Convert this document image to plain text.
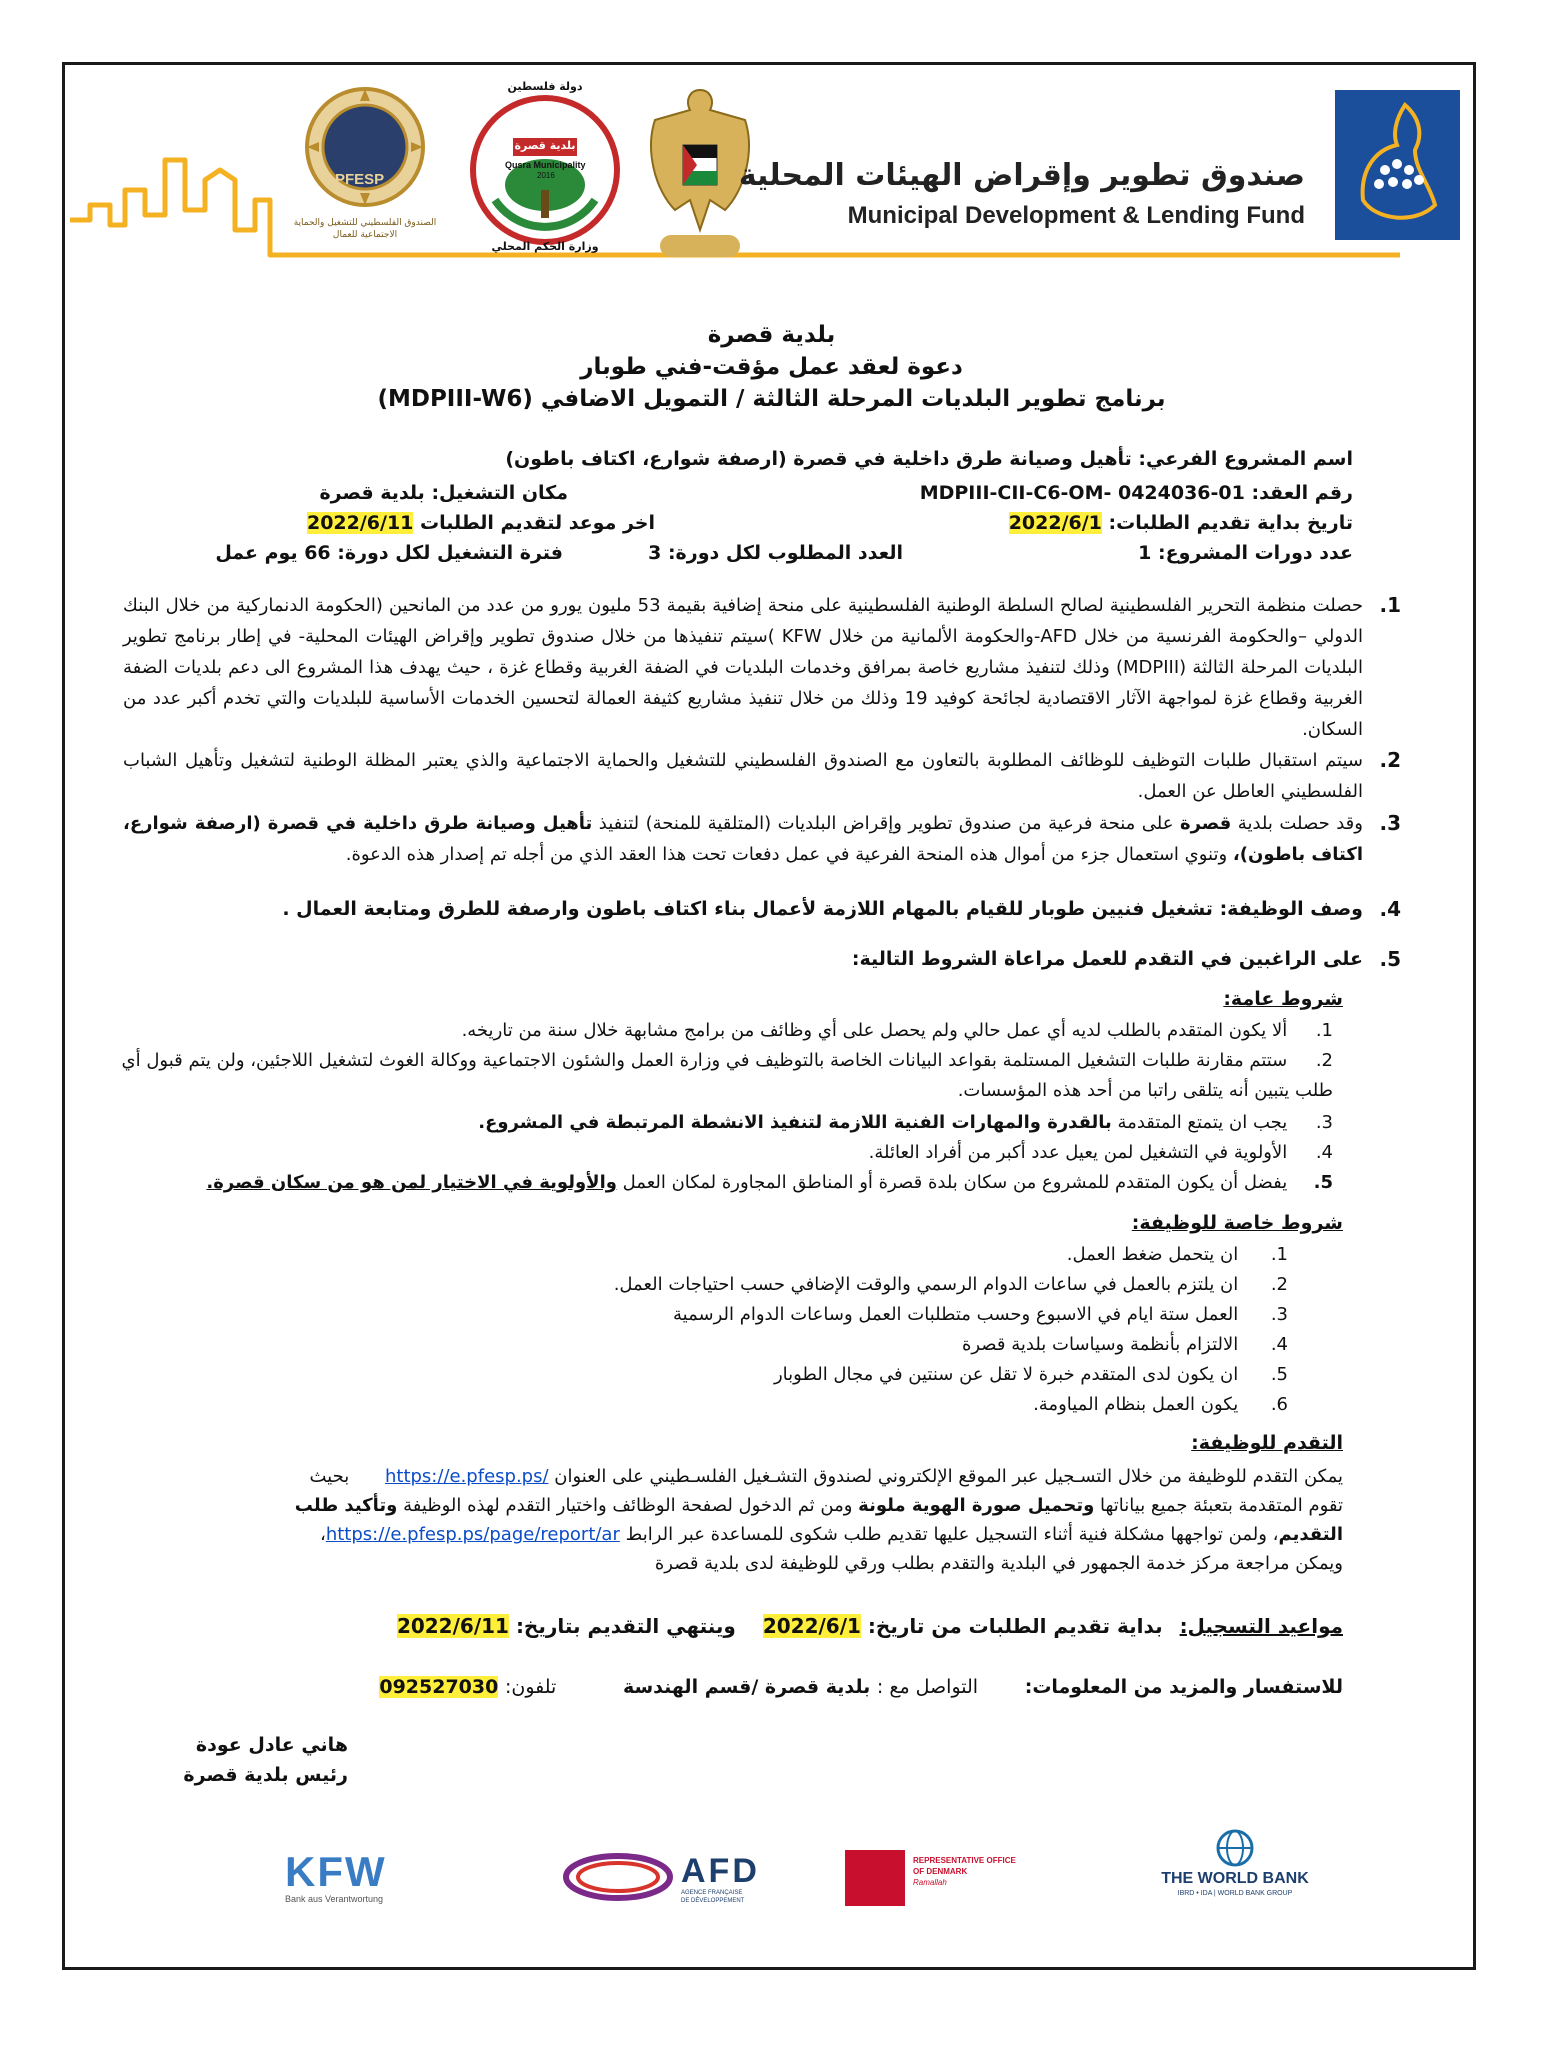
PFESP
الصندوق الفلسطيني للتشغيل والحماية الاجتماعية للعمال
بلدية قصرة
دولة فلسطين
Qusra Municipality
2016
وزارة الحكم المحلي
صندوق تطوير وإقراض الهيئات المحلية
Municipal Development & Lending Fund
بلدية قصرة
دعوة لعقد عمل مؤقت-فني طوبار
برنامج تطوير البلديات المرحلة الثالثة / التمويل الاضافي (MDPIII-W6)
اسم المشروع الفرعي: تأهيل وصيانة طرق داخلية في قصرة (ارصفة شوارع، اكتاف باطون)
رقم العقد: MDPIII-CII-C6-OM- 0424036-01
مكان التشغيل: بلدية قصرة
تاريخ بداية تقديم الطلبات: 2022/6/1
اخر موعد لتقديم الطلبات 2022/6/11
عدد دورات المشروع: 1
العدد المطلوب لكل دورة: 3
فترة التشغيل لكل دورة: 66 يوم عمل
1.
حصلت منظمة التحرير الفلسطينية لصالح السلطة الوطنية الفلسطينية على منحة إضافية بقيمة 53 مليون يورو من عدد من المانحين (الحكومة الدنماركية من خلال البنك الدولي –والحكومة الفرنسية من خلال AFD-والحكومة الألمانية من خلال KFW )سيتم تنفيذها من خلال صندوق تطوير وإقراض الهيئات المحلية- في إطار برنامج تطوير البلديات المرحلة الثالثة (MDPIII) وذلك لتنفيذ مشاريع خاصة بمرافق وخدمات البلديات في الضفة الغربية وقطاع غزة ، حيث يهدف هذا المشروع الى دعم بلديات الضفة الغربية وقطاع غزة لمواجهة الآثار الاقتصادية لجائحة كوفيد 19 وذلك من خلال تنفيذ مشاريع كثيفة العمالة لتحسين الخدمات الأساسية للبلديات والتي تخدم أكبر عدد من السكان.
2.
سيتم استقبال طلبات التوظيف للوظائف المطلوبة بالتعاون مع الصندوق الفلسطيني للتشغيل والحماية الاجتماعية والذي يعتبر المظلة الوطنية لتشغيل وتأهيل الشباب الفلسطيني العاطل عن العمل.
3.
وقد حصلت بلدية قصرة على منحة فرعية من صندوق تطوير وإقراض البلديات (المتلقية للمنحة) لتنفيذ تأهيل وصيانة طرق داخلية في قصرة (ارصفة شوارع، اكتاف باطون)، وتنوي استعمال جزء من أموال هذه المنحة الفرعية في عمل دفعات تحت هذا العقد الذي من أجله تم إصدار هذه الدعوة.
4.
وصف الوظيفة: تشغيل فنيين طوبار للقيام بالمهام اللازمة لأعمال بناء اكتاف باطون وارصفة للطرق ومتابعة العمال .
5.
على الراغبين في التقدم للعمل مراعاة الشروط التالية:
شروط عامة:
1. ألا يكون المتقدم بالطلب لديه أي عمل حالي ولم يحصل على أي وظائف من برامج مشابهة خلال سنة من تاريخه.
2. ستتم مقارنة طلبات التشغيل المستلمة بقواعد البيانات الخاصة بالتوظيف في وزارة العمل والشئون الاجتماعية ووكالة الغوث لتشغيل اللاجئين، ولن يتم قبول أي طلب يتبين أنه يتلقى راتبا من أحد هذه المؤسسات.
3. يجب ان يتمتع المتقدمة بالقدرة والمهارات الفنية اللازمة لتنفيذ الانشطة المرتبطة في المشروع.
4. الأولوية في التشغيل لمن يعيل عدد أكبر من أفراد العائلة.
5. يفضل أن يكون المتقدم للمشروع من سكان بلدة قصرة أو المناطق المجاورة لمكان العمل والأولوية في الاختيار لمن هو من سكان قصرة.
شروط خاصة للوظيفة:
1. ان يتحمل ضغط العمل.
2. ان يلتزم بالعمل في ساعات الدوام الرسمي والوقت الإضافي حسب احتياجات العمل.
3. العمل ستة ايام في الاسبوع وحسب متطلبات العمل وساعات الدوام الرسمية
4. الالتزام بأنظمة وسياسات بلدية قصرة
5. ان يكون لدى المتقدم خبرة لا تقل عن سنتين في مجال الطوبار
6. يكون العمل بنظام المياومة.
التقدم للوظيفة:
يمكن التقدم للوظيفة من خلال التسـجيل عبر الموقع الإلكتروني لصندوق التشـغيل الفلسـطيني على العنوان https://e.pfesp.ps/ بحيث
تقوم المتقدمة بتعبئة جميع بياناتها وتحميل صورة الهوية ملونة ومن ثم الدخول لصفحة الوظائف واختيار التقدم لهذه الوظيفة وتأكيد طلب
التقديم، ولمن تواجهها مشكلة فنية أثناء التسجيل عليها تقديم طلب شكوى للمساعدة عبر الرابط https://e.pfesp.ps/page/report/ar،
ويمكن مراجعة مركز خدمة الجمهور في البلدية والتقدم بطلب ورقي للوظيفة لدى بلدية قصرة
مواعيد التسجيل: بداية تقديم الطلبات من تاريخ: 2022/6/1 وينتهي التقديم بتاريخ: 2022/6/11
للاستفسار والمزيد من المعلومات: التواصل مع : بلدية قصرة /قسم الهندسة تلفون: 092527030
هاني عادل عودة
رئيس بلدية قصرة
THE WORLD BANK
IBRD • IDA | WORLD BANK GROUP
REPRESENTATIVE OFFICE
OF DENMARK
Ramallah
AFD
AGENCE FRANÇAISE
DE DÉVELOPPEMENT
KFW
Bank aus Verantwortung
